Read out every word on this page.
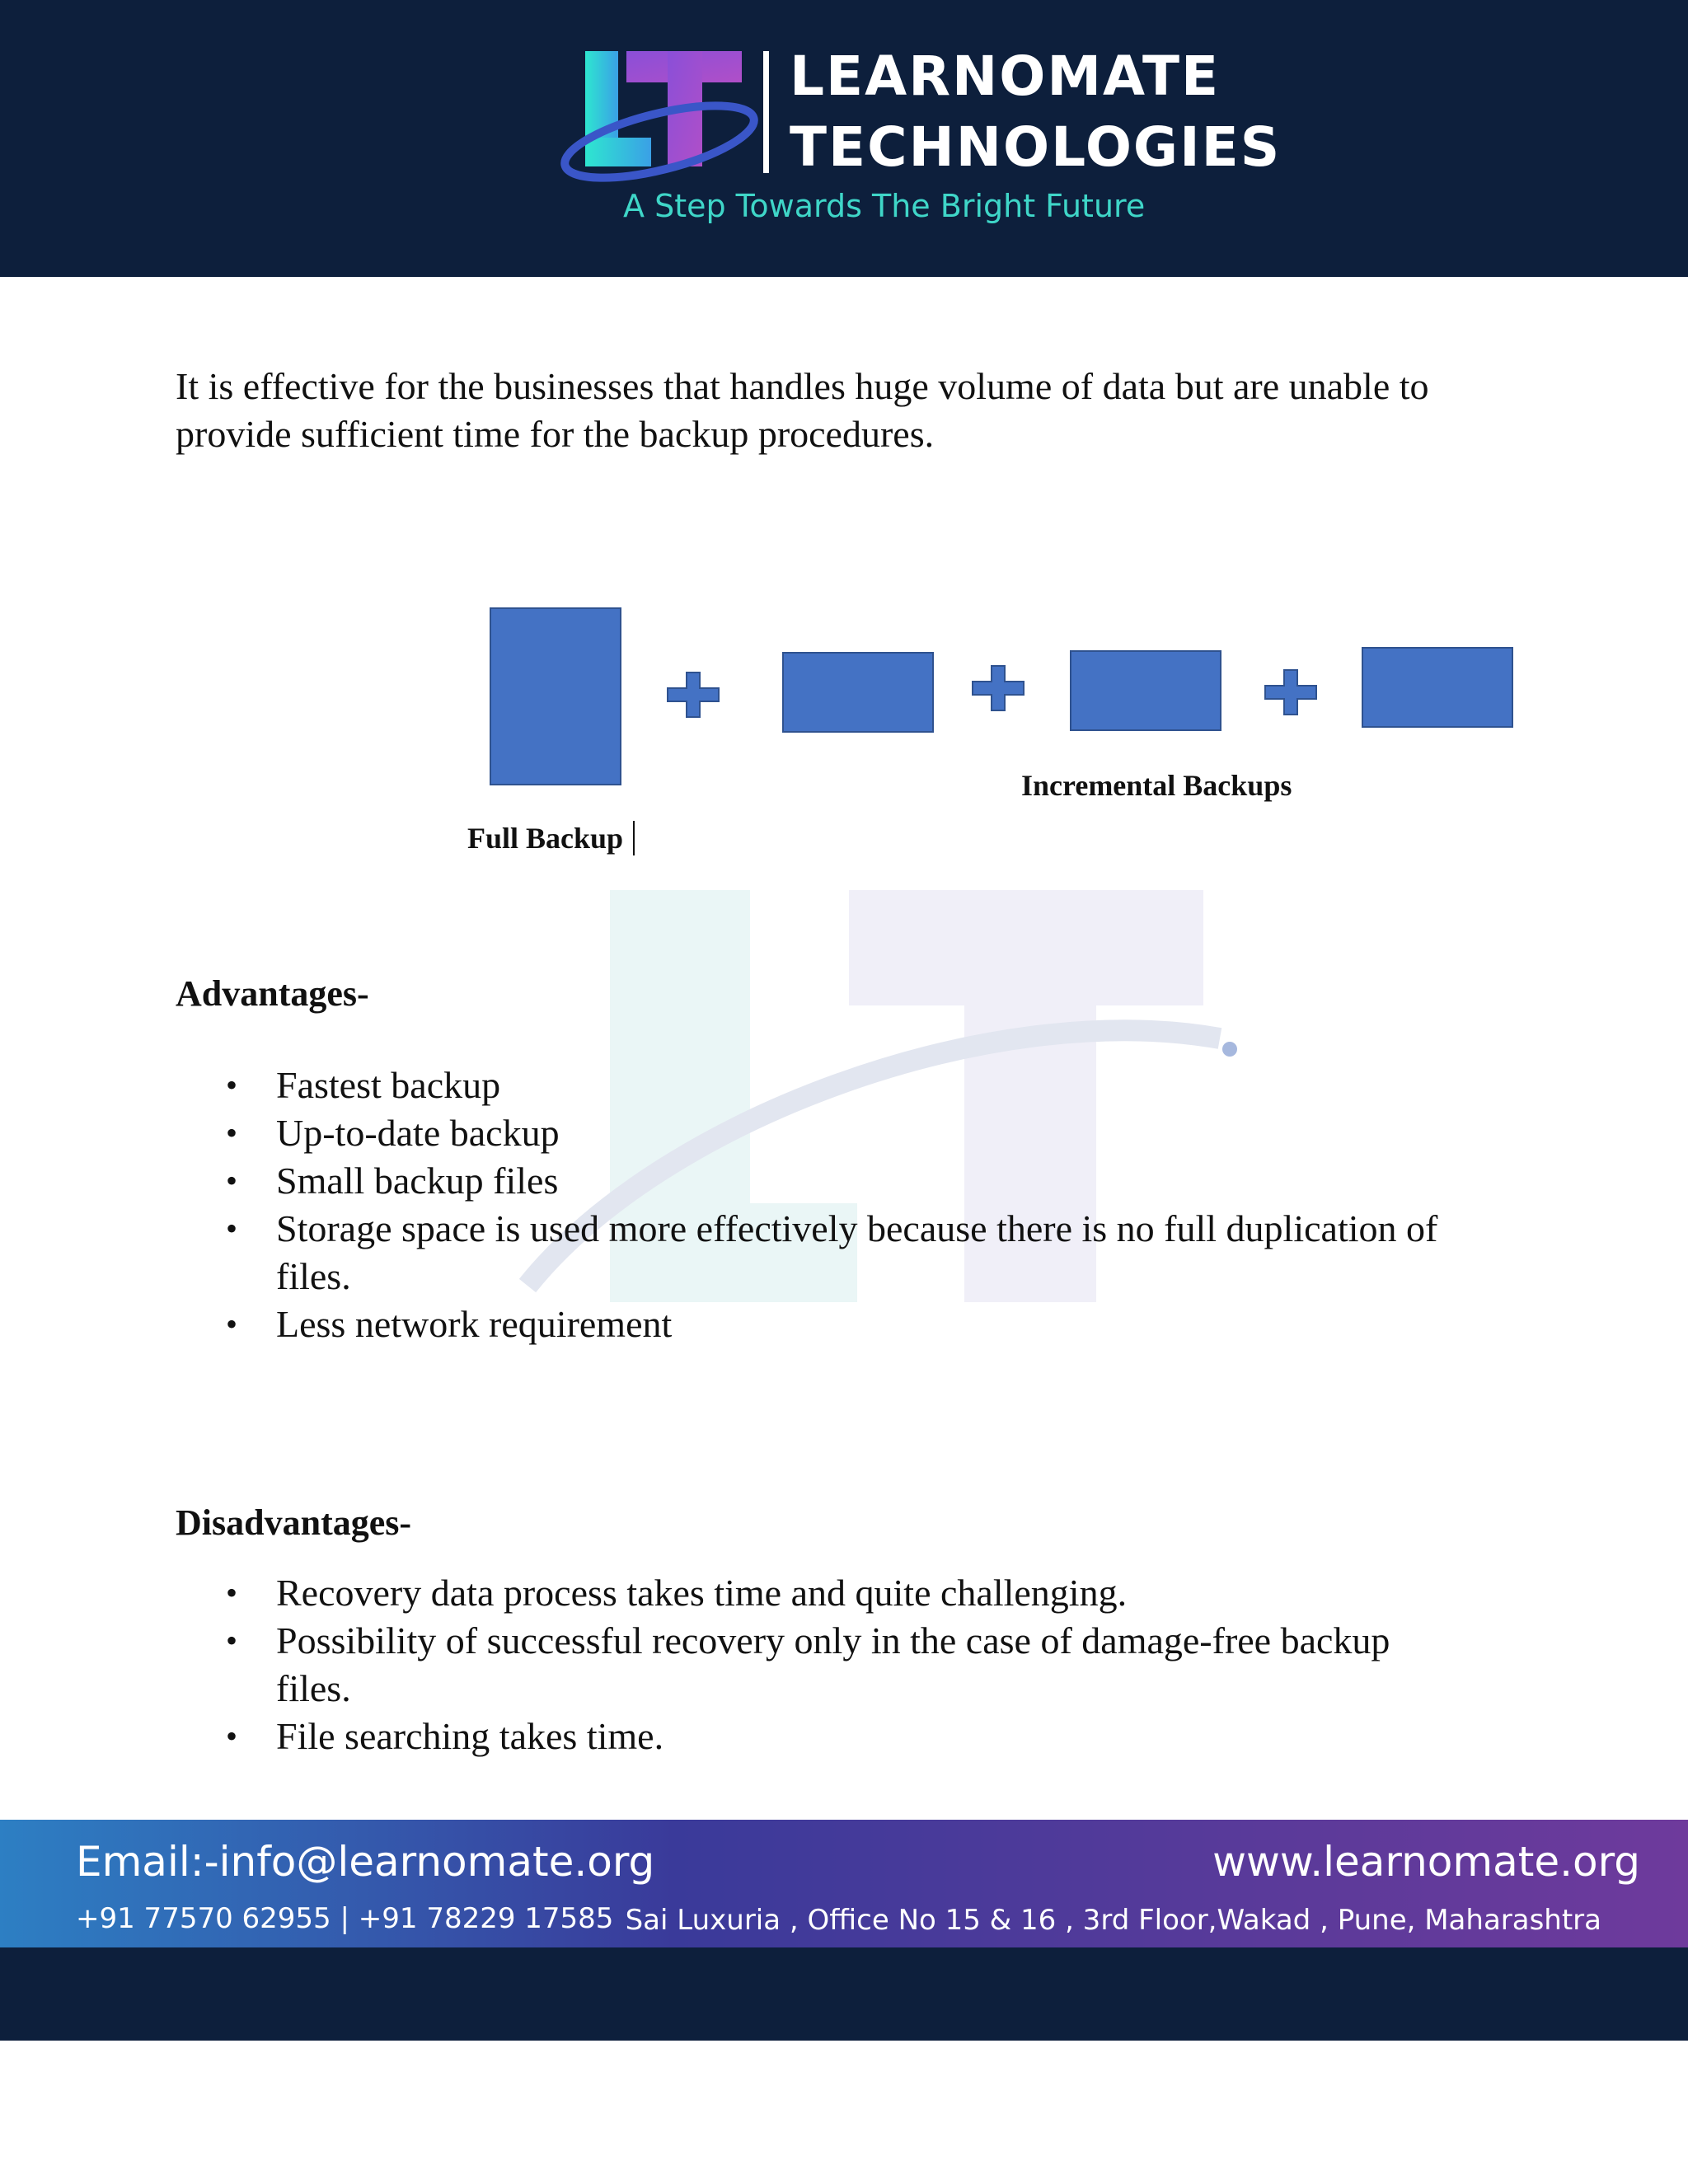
LEARNOMATE
TECHNOLOGIES
A Step Towards The Bright Future

It is effective for the businesses that handles huge volume of data but are unable to provide sufficient time for the backup procedures.

Incremental Backups
Full Backup
Advantages-
• Fastest backup
• Up-to-date backup
• Small backup files
• Storage space is used more effectively because there is no full duplication of files.
• Less network requirement
Disadvantages-
• Recovery data process takes time and quite challenging.
• Possibility of successful recovery only in the case of damage-free backup files.
• File searching takes time.
Email:-info@learnomate.org	www.learnomate.org
+91 77570 62955 | +91 78229 17585 Sai Luxuria , Office No 15 & 16 , 3rd Floor,Wakad , Pune, Maharashtra
